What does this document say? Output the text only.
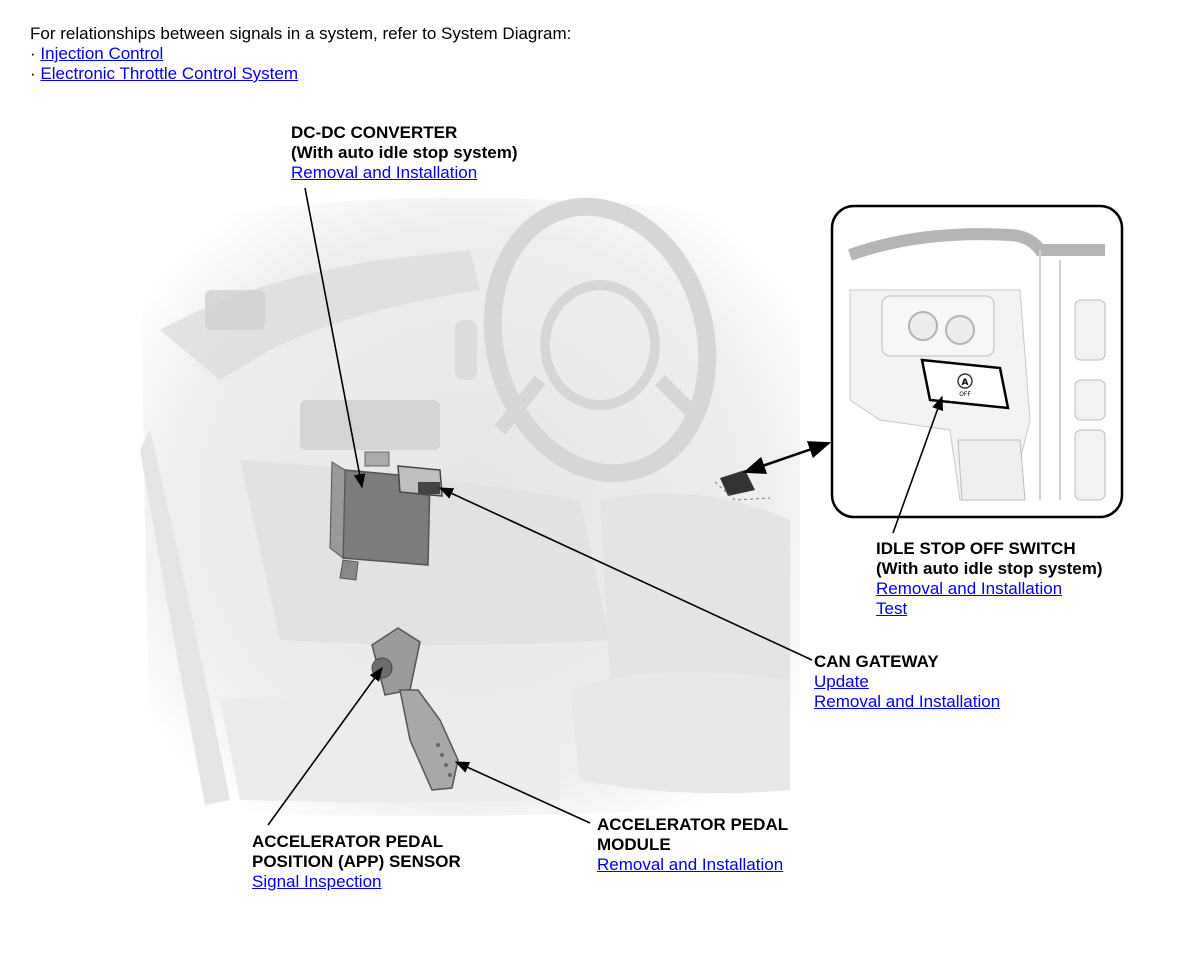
For relationships between signals in a system, refer to System Diagram:
· Injection Control
· Electronic Throttle Control System
A
OFF
DC-DC CONVERTER
(With auto idle stop system)
Removal and Installation
IDLE STOP OFF SWITCH
(With auto idle stop system)
Removal and Installation
Test
CAN GATEWAY
Update
Removal and Installation
ACCELERATOR PEDAL
POSITION (APP) SENSOR
Signal Inspection
ACCELERATOR PEDAL
MODULE
Removal and Installation
